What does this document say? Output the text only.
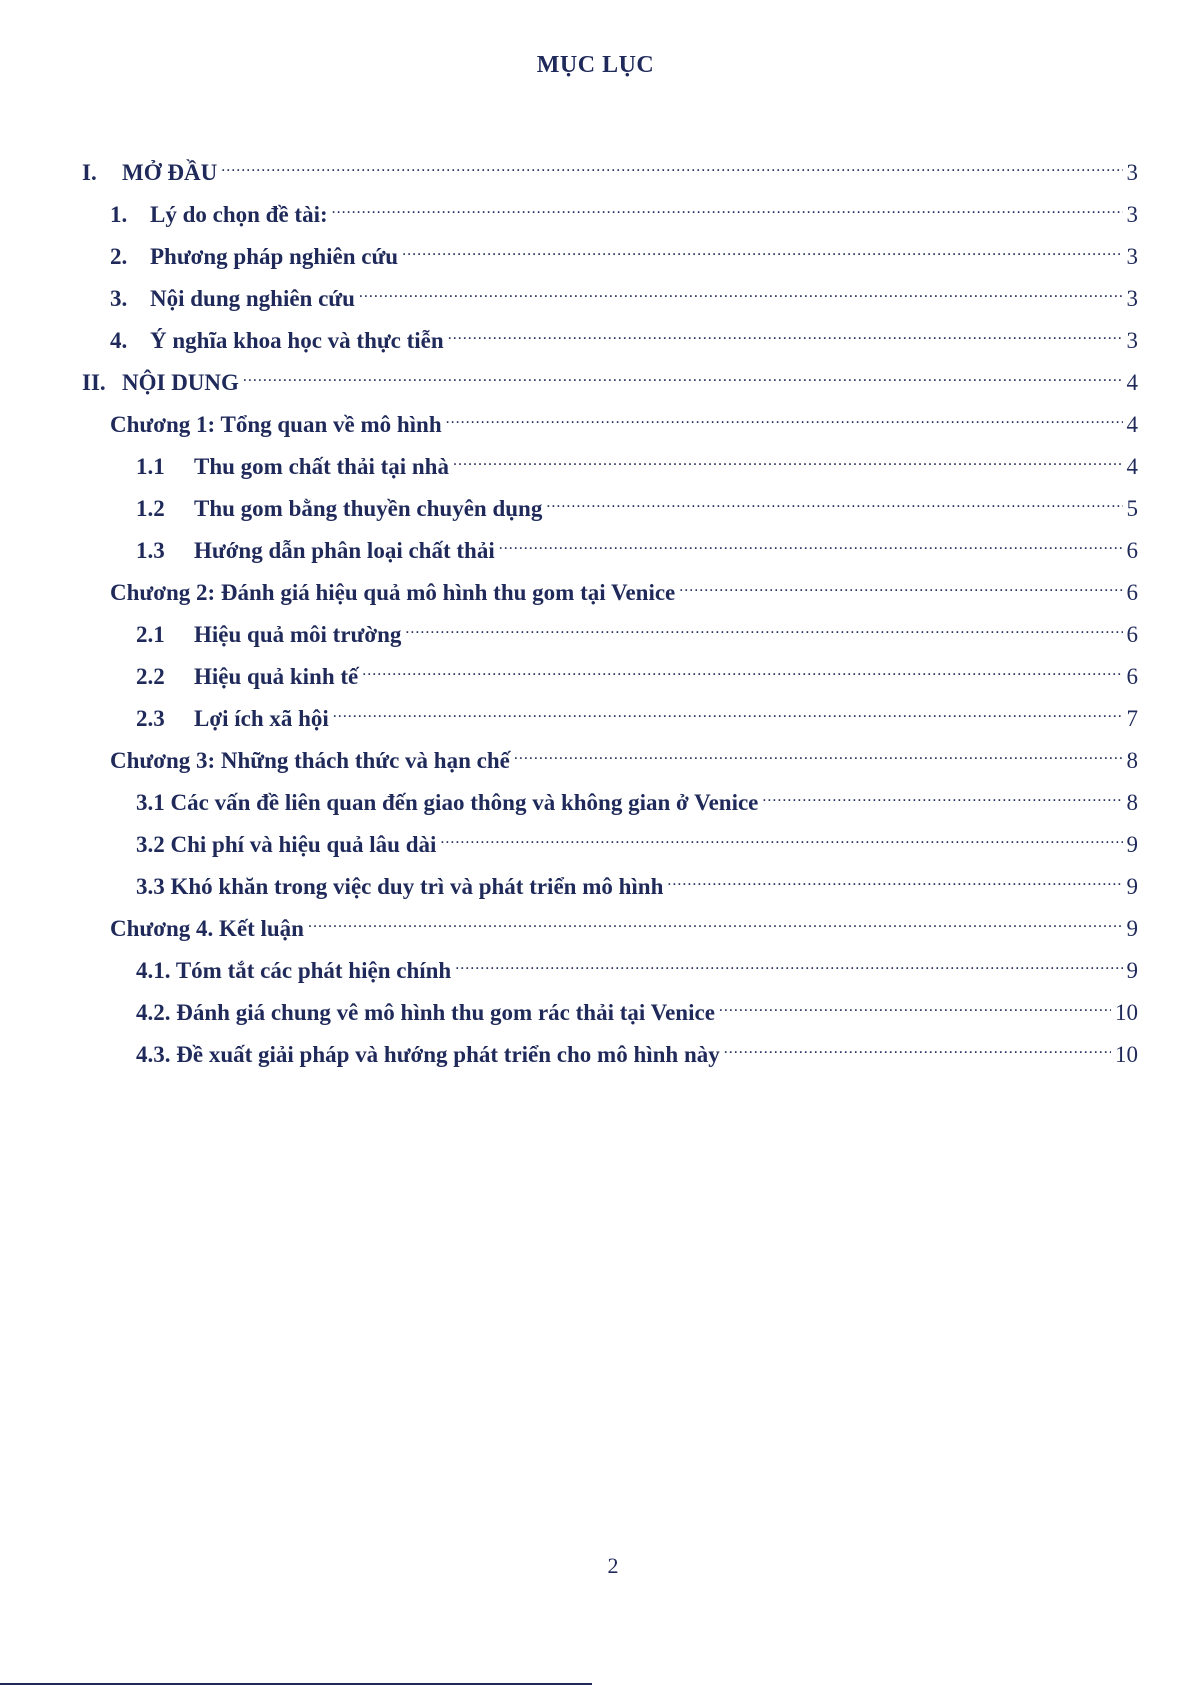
MỤC LỤC
I.	MỞ ĐẦU .....	3
1. Lý do chọn đề tài: .....	3
2. Phương pháp nghiên cứu .....	3
3. Nội dung nghiên cứu .....	3
4. Ý nghĩa khoa học và thực tiễn .....	3
II. NỘI DUNG .....	4
Chương 1: Tổng quan về mô hình .....	4
1.1	Thu gom chất thải tại nhà .....	4
1.2	Thu gom bằng thuyền chuyên dụng .....	5
1.3	Hướng dẫn phân loại chất thải .....	6
Chương 2: Đánh giá hiệu quả mô hình thu gom tại Venice .....	6
2.1	Hiệu quả môi trường .....	6
2.2	Hiệu quả kinh tế .....	6
2.3	Lợi ích xã hội .....	7
Chương 3: Những thách thức và hạn chế .....	8
3.1 Các vấn đề liên quan đến giao thông và không gian ở Venice .....	8
3.2 Chi phí và hiệu quả lâu dài .....	9
3.3 Khó khăn trong việc duy trì và phát triển mô hình .....	9
Chương 4. Kết luận .....	9
4.1. Tóm tắt các phát hiện chính .....	9
4.2. Đánh giá chung vê mô hình thu gom rác thải tại Venice .....	10
4.3. Đề xuất giải pháp và hướng phát triển cho mô hình này .....	10
2
